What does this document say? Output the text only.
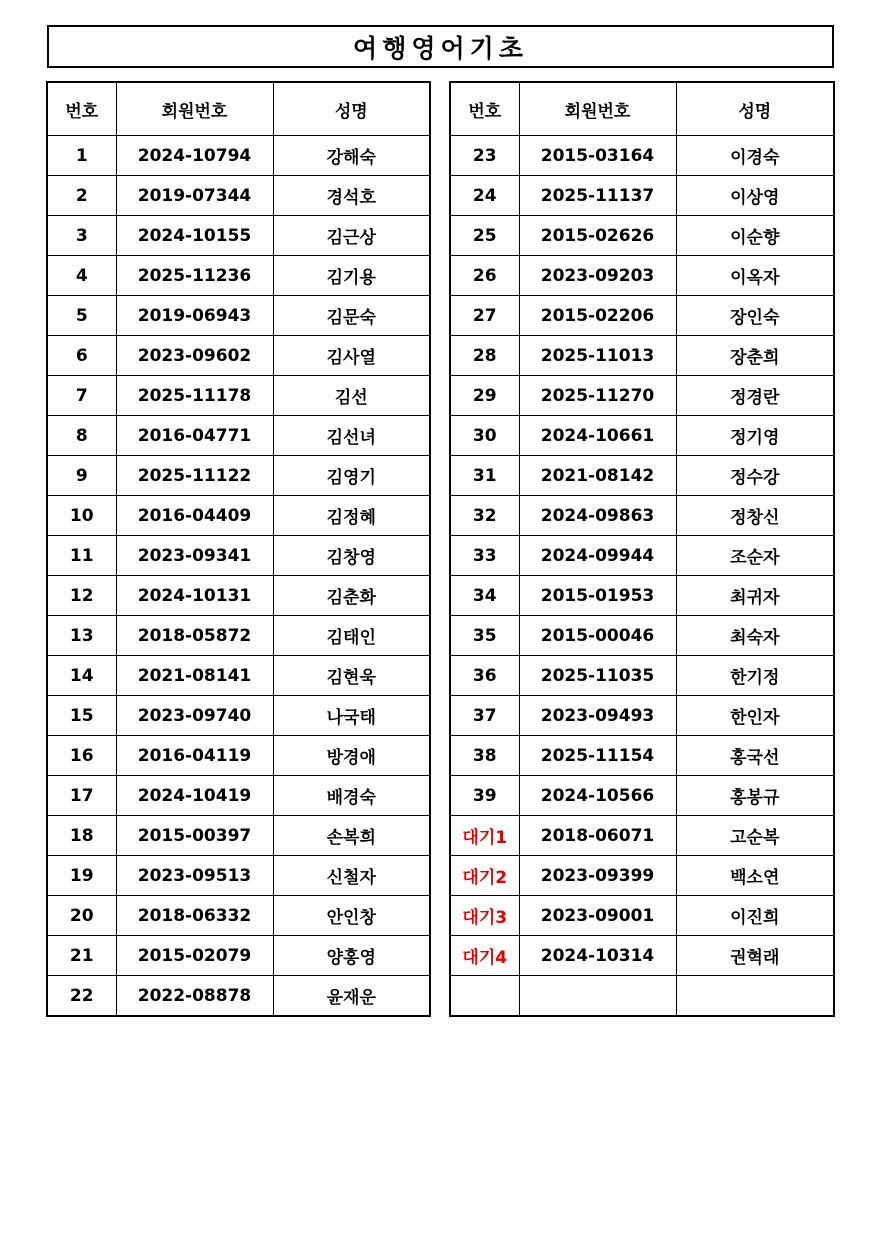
여행영어기초
번호	회원번호	성명
1	2024-10794	강해숙
2	2019-07344	경석호
3	2024-10155	김근상
4	2025-11236	김기용
5	2019-06943	김문숙
6	2023-09602	김사열
7	2025-11178	김선
8	2016-04771	김선녀
9	2025-11122	김영기
10	2016-04409	김정혜
11	2023-09341	김창영
12	2024-10131	김춘화
13	2018-05872	김태인
14	2021-08141	김현욱
15	2023-09740	나국태
16	2016-04119	방경애
17	2024-10419	배경숙
18	2015-00397	손복희
19	2023-09513	신철자
20	2018-06332	안인창
21	2015-02079	양홍영
22	2022-08878	윤재운
번호	회원번호	성명
23	2015-03164	이경숙
24	2025-11137	이상영
25	2015-02626	이순향
26	2023-09203	이옥자
27	2015-02206	장인숙
28	2025-11013	장춘희
29	2025-11270	정경란
30	2024-10661	정기영
31	2021-08142	정수강
32	2024-09863	정창신
33	2024-09944	조순자
34	2015-01953	최귀자
35	2015-00046	최숙자
36	2025-11035	한기정
37	2023-09493	한인자
38	2025-11154	홍국선
39	2024-10566	홍봉규
대기1	2018-06071	고순복
대기2	2023-09399	백소연
대기3	2023-09001	이진희
대기4	2024-10314	권혁래
